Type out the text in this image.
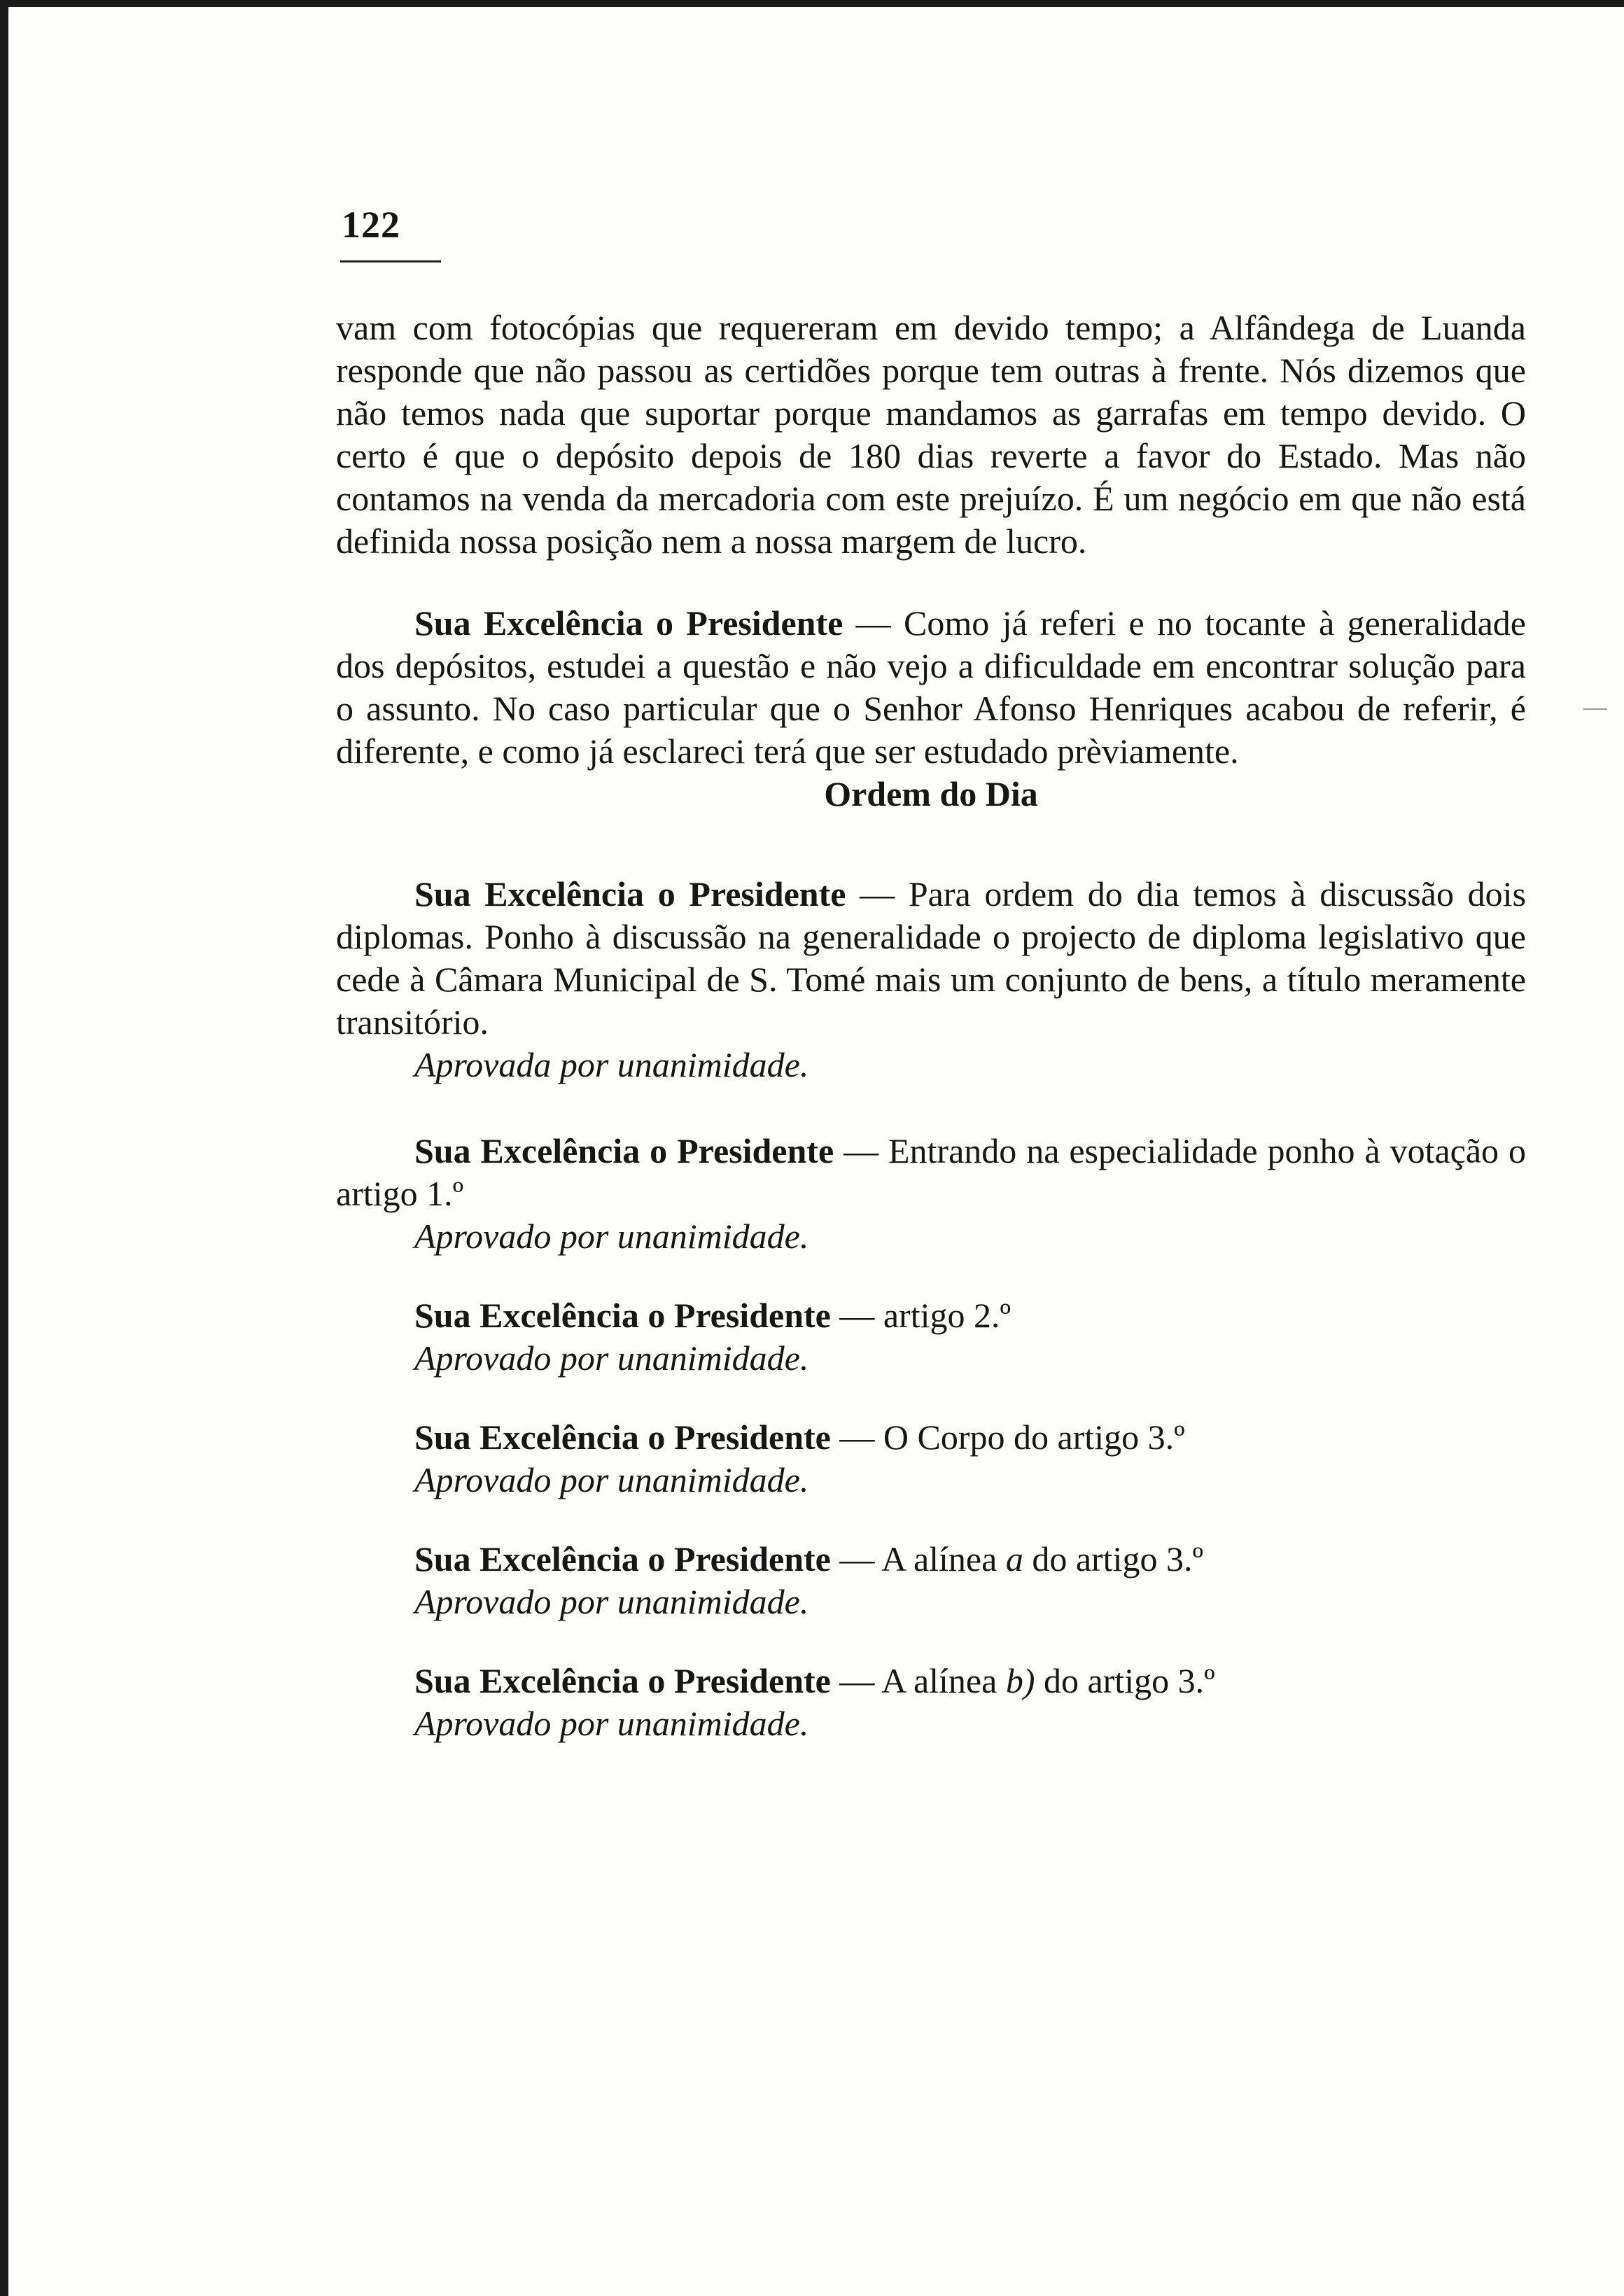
122

vam com fotocópias que requereram em devido tempo; a Alfândega de Luanda responde que não passou as certidões porque tem outras à frente. Nós dizemos que não temos nada que suportar porque mandamos as garrafas em tempo devido. O certo é que o depósito depois de 180 dias reverte a favor do Estado. Mas não contamos na venda da mercadoria com este prejuízo. É um negócio em que não está definida nossa posição nem a nossa margem de lucro.

Sua Excelência o Presidente — Como já referi e no tocante à generalidade dos depósitos, estudei a questão e não vejo a dificuldade em encontrar solução para o assunto. No caso particular que o Senhor Afonso Henriques acabou de referir, é diferente, e como já esclareci terá que ser estudado prèviamente.

Ordem do Dia

Sua Excelência o Presidente — Para ordem do dia temos à discussão dois diplomas. Ponho à discussão na generalidade o projecto de diploma legislativo que cede à Câmara Municipal de S. Tomé mais um conjunto de bens, a título meramente transitório.

Aprovada por unanimidade.

Sua Excelência o Presidente — Entrando na especialidade ponho à votação o artigo 1.º

Aprovado por unanimidade.

Sua Excelência o Presidente — artigo 2.º

Aprovado por unanimidade.

Sua Excelência o Presidente — O Corpo do artigo 3.º

Aprovado por unanimidade.

Sua Excelência o Presidente — A alínea a do artigo 3.º

Aprovado por unanimidade.

Sua Excelência o Presidente — A alínea b) do artigo 3.º

Aprovado por unanimidade.
